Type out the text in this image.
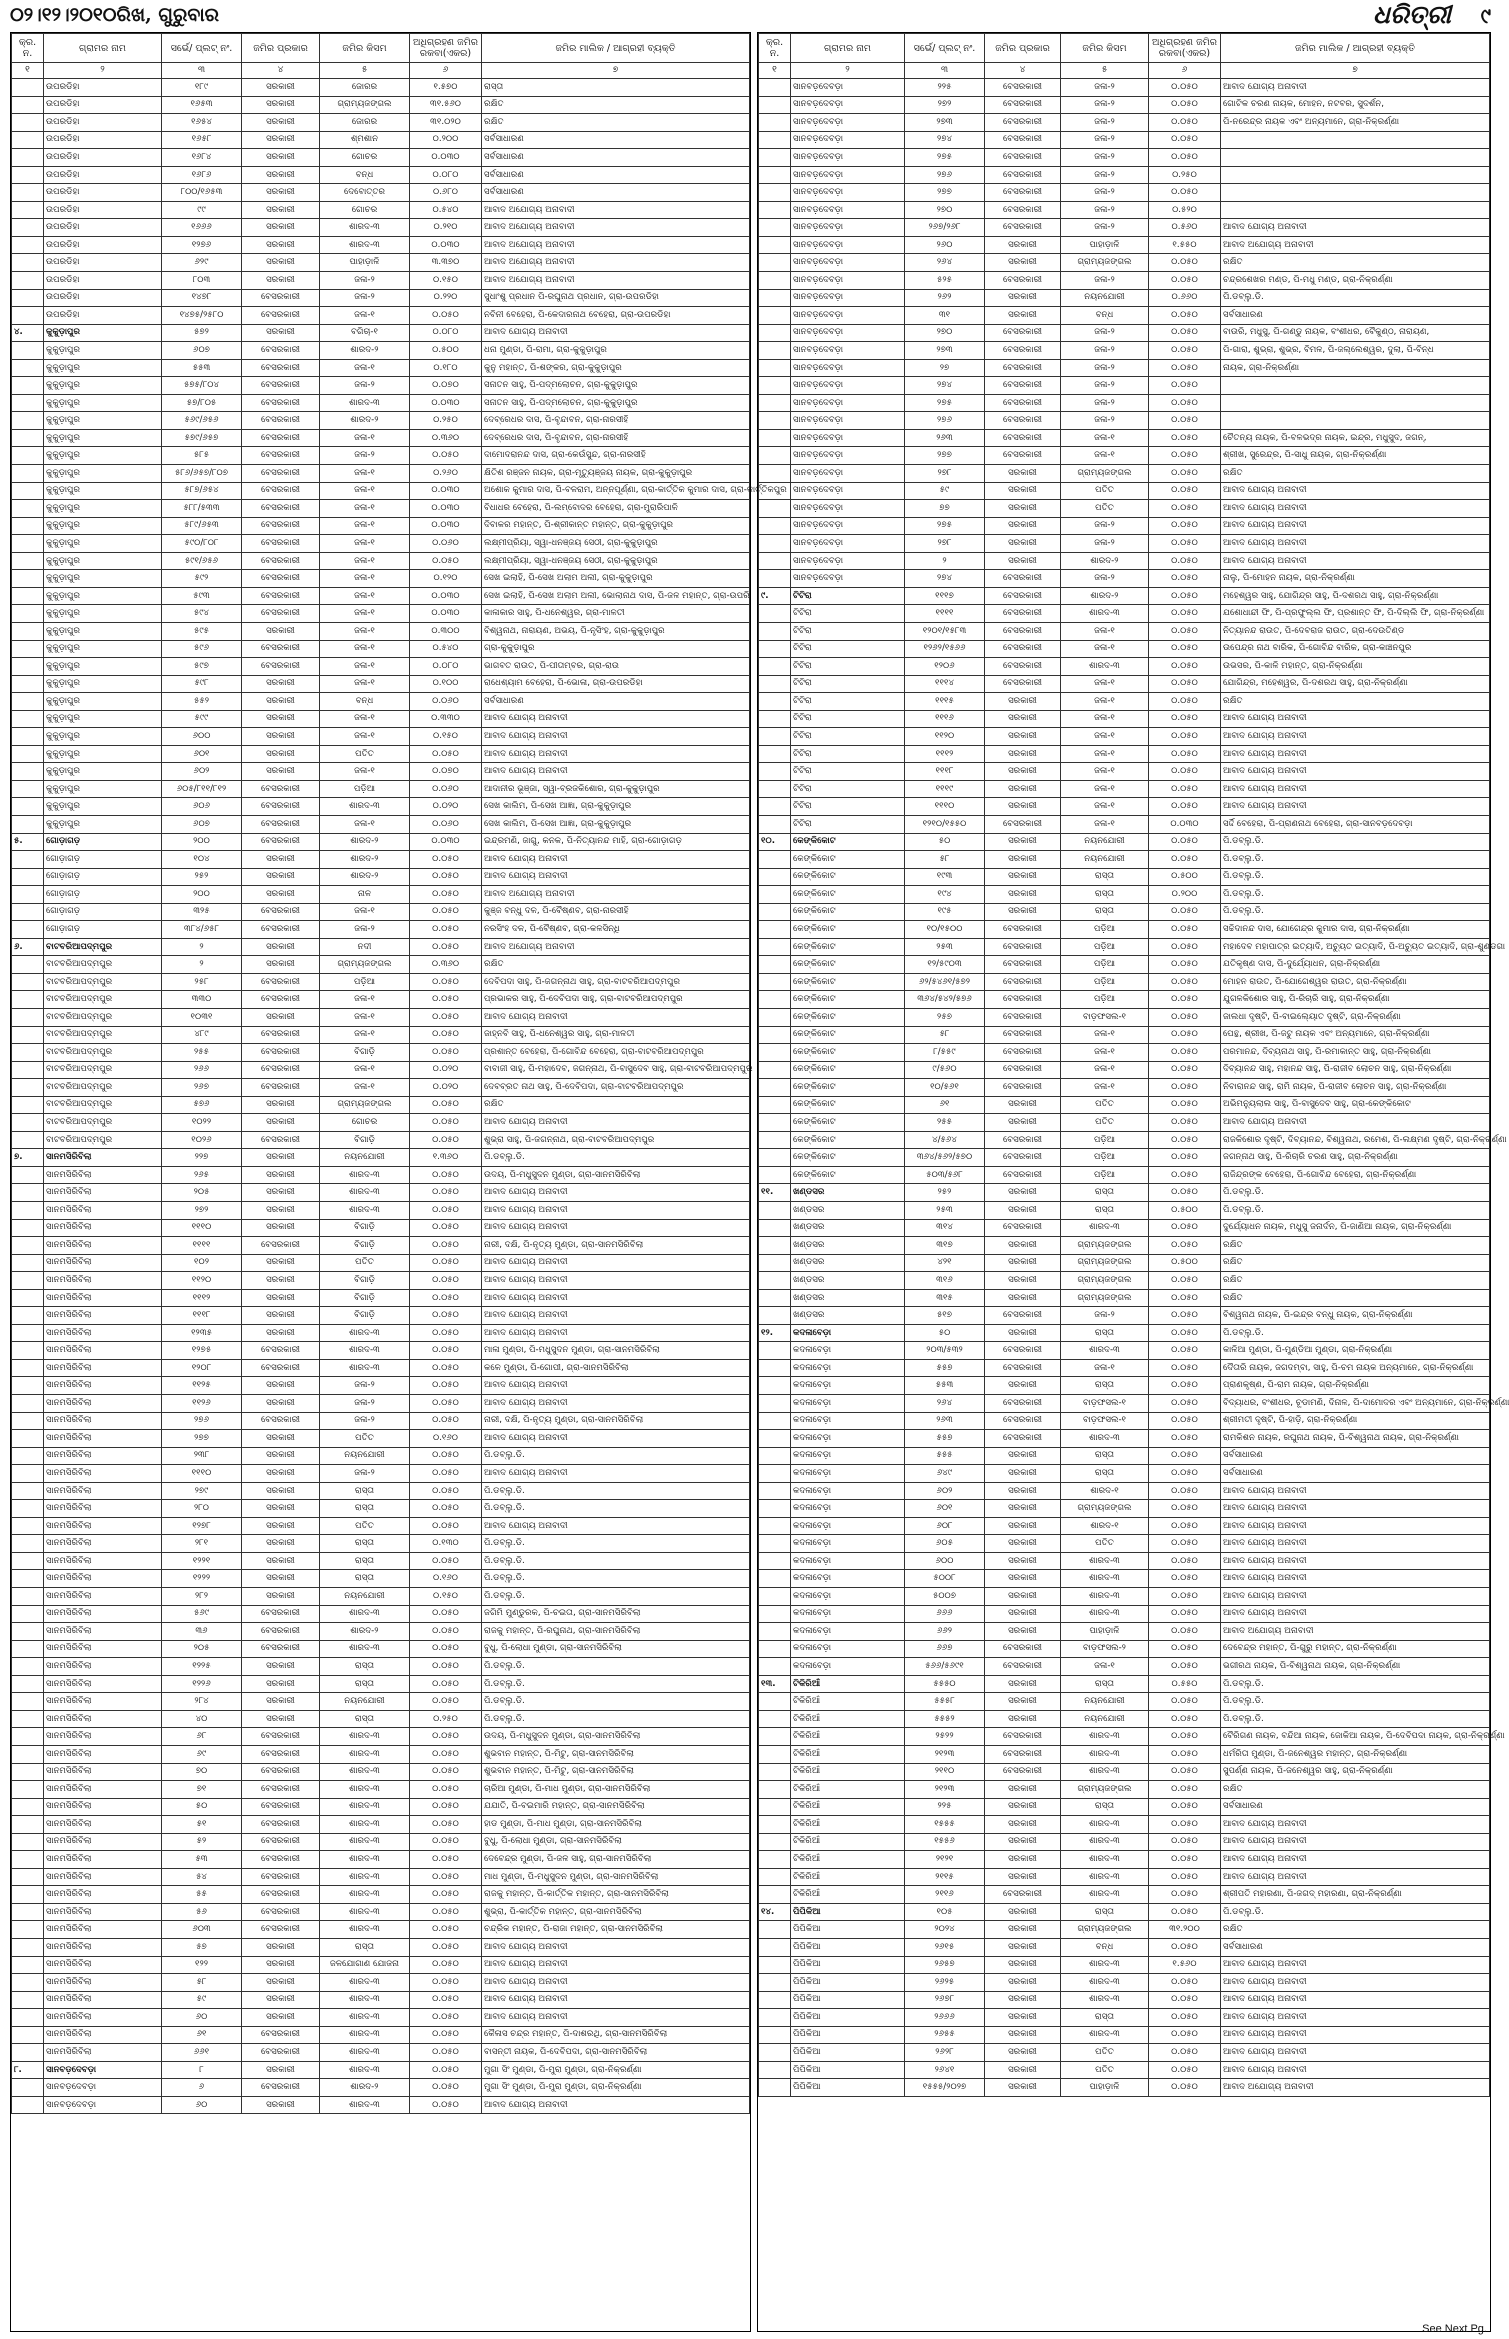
୦୨।୧୨।୨୦୧୦ରିଖ, ଗୁରୁବାର	ଧରିତ୍ରୀ ୯
କ୍ର. ନ.	ଗ୍ରାମର ନାମ	ସର୍ଭେ/ ପ୍ଲଟ୍ ନଂ.	ଜମିର ପ୍ରକାର	ଜମିର କିସମ	ଅଧିଗ୍ରହଣ ଜମିର ରକବା(ଏକର)	ଜମିର ମାଲିକ / ଆଗ୍ରହୀ ବ୍ୟକ୍ତି
୧	୨	୩	୪	୫	୬	୭
	ଉପରଡିହା	୧୮୯	ସରକାରୀ	ଜୋରର	୧.୫୭୦	ରାସ୍ତା
	ଉପରଡିହା	୧୬୫୩	ସରକାରୀ	ଗ୍ରାମ୍ୟଜଙ୍ଗଲ	୩୧.୫୬୦	ରକ୍ଷିତ
	ଉପରଡିହା	୧୬୫୪	ସରକାରୀ	ଜୋରର	୩୧.୦୨୦	ରକ୍ଷିତ
	ଉପରଡିହା	୧୬୫୮	ସରକାରୀ	ଶ୍ମଶାନ	୦.୨୦୦	ସର୍ବସାଧାରଣ
	ଉପରଡିହା	୧୬୮୪	ସରକାରୀ	ଗୋଚର	୦.୦୩୦	ସର୍ବସାଧାରଣ
	ଉପରଡିହା	୧୬୮୬	ସରକାରୀ	ବନ୍ଧ	୦.୦୮୦	ସର୍ବସାଧାରଣ
	ଉପରଡିହା	୮୦୦/୧୬୫୩	ସରକାରୀ	ଦେବୋତ୍ତର	୦.୬୮୦	ସର୍ବସାଧାରଣ
	ଉପରଡିହା	୯୯	ସରକାରୀ	ଗୋଚର	୦.୫୪୦	ଆବାଦ ଅଯୋଗ୍ୟ ଅନାବାଦୀ
	ଉପରଡିହା	୧୬୬୬	ସରକାରୀ	ଶାରଦ-୩	୦.୨୧୦	ଆବାଦ ଅଯୋଗ୍ୟ ଅନାବାଦୀ
	ଉପରଡିହା	୧୨୭୬	ସରକାରୀ	ଶାରଦ-୩	୦.୦୩୦	ଆବାଦ ଅଯୋଗ୍ୟ ଅନାବାଦୀ
	ଉପରଡିହା	୬୨୯	ସରକାରୀ	ପାହାଡ଼ାଳି	୩.୩୭୦	ଆବାଦ ଅଯୋଗ୍ୟ ଅନାବାଦୀ
	ଉପରଡିହା	୮୦୩	ସରକାରୀ	ଜଳା-୨	୦.୧୫୦	ଆବାଦ ଅଯୋଗ୍ୟ ଅନାବାଦୀ
	ଉପରଡିହା	୧୪୭୮	ବେସରକାରୀ	ଜଳା-୨	୦.୨୨୦	ସୁଧାଂଶୁ ପ୍ରଧାନ ପି-ରଘୁନାଥ ପ୍ରଧାନ, ଗ୍ରା-ଉପରଡିହା
	ଉପରଡିହା	୧୪୭୫/୨୫୮୦	ବେସରକାରୀ	ଜଳା-୧	୦.୦୫୦	ନବିନୀ ବେହେରା, ପି-କେଦାରନାଥ ବେହେରା, ଗ୍ରା-ଉପରଡିହା
୪.	କୁକୁଡ଼ାପୁର	୫୭୨	ସରକାରୀ	ବଗିଚା-୧	୦.୦୮୦	ଆବାଦ ଯୋଗ୍ୟ ଅନାବାଦୀ
	କୁକୁଡ଼ାପୁର	୬୦୭	ବେସରକାରୀ	ଶାରଦ-୨	୦.୫୦୦	ଧନା ମୁଣ୍ଡା, ପି-ରାମା, ଗ୍ରା-କୁକୁଡ଼ାପୁର
	କୁକୁଡ଼ାପୁର	୫୫୩	ବେସରକାରୀ	ଜଳା-୧	୦.୧୮୦	କୁନୁ ମହାନ୍ତ, ପି-ଶଙ୍କର, ଗ୍ରା-କୁକୁଡ଼ାପୁର
	କୁକୁଡ଼ାପୁର	୫୭୫/୮୦୪	ବେସରକାରୀ	ଜଳା-୨	୦.୦୭୦	ସନାତନ ସାହୁ, ପି-ପଦ୍ମଲୋଚନ, ଗ୍ରା-କୁକୁଡ଼ାପୁର
	କୁକୁଡ଼ାପୁର	୫୭/୮୦୫	ବେସରକାରୀ	ଶାରଦ-୩	୦.୦୩୦	ସନାତନ ସାହୁ, ପି-ପଦ୍ମଲୋଚନ, ଗ୍ରା-କୁକୁଡ଼ାପୁର
	କୁକୁଡ଼ାପୁର	୫୬୯/୬୫୬	ବେସରକାରୀ	ଶାରଦ-୨	୦.୨୫୦	ଦେବ୍ରେଧର ଦାସ, ପି-ବୃନ୍ଦାବନ, ଗ୍ରା-ନାରସୀହି
	କୁକୁଡ଼ାପୁର	୫୭୯/୬୫୭	ବେସରକାରୀ	ଜଳା-୧	୦.୩୬୦	ଦେବ୍ରେଧର ଦାସ, ପି-ବୃନ୍ଦାବନ, ଗ୍ରା-ନାରସୀହି
	କୁକୁଡ଼ାପୁର	୫୮୫	ବେସରକାରୀ	ଜଳା-୨	୦.୦୫୦	ଦାମୋଦରାନନ୍ଦ ଦାସ, ଗ୍ରା-କେଉଁସୁନ୍ଦ, ଗ୍ରା-ନାରସୀହି
	କୁକୁଡ଼ାପୁର	୫୮୬/୬୫୭/୮୦୭	ବେସରକାରୀ	ଜଳା-୧	୦.୨୬୦	କ୍ଷିତିଶ ରଞ୍ଜନ ନାୟକ, ଗ୍ରା-ମୃତ୍ୟୁଞ୍ଜୟ ନାୟକ, ଗ୍ରା-କୁକୁଡ଼ାପୁର
	କୁକୁଡ଼ାପୁର	୫୮୭/୬୫୪	ବେସରକାରୀ	ଜଳା-୧	୦.୦୩୦	ଅଶୋକ କୁମାର ଦାସ, ପି-ବଳରାମ, ଅନ୍ନପୂର୍ଣ୍ଣା, ଗ୍ରା-କାର୍ତ୍ତିକ କୁମାର ଦାସ, ଗ୍ରା-କାର୍ତ୍ତିକପୁର
	କୁକୁଡ଼ାପୁର	୫୮୮/୫୩୩	ବେସରକାରୀ	ଜଳା-୧	୦.୦୩୦	ବିଧାଧର ବେହେରା, ପି-ଲମ୍ବୋଦର ବେହେରା, ଗ୍ରା-ମୁରାରିପାଳି
	କୁକୁଡ଼ାପୁର	୫୮୯/୬୫୩	ବେସରକାରୀ	ଜଳା-୧	୦.୦୩୦	ଦିବାକର ମହାନ୍ତ, ପି-ଶ୍ରୀକାନ୍ତ ମହାନ୍ତ, ଗ୍ରା-କୁକୁଡ଼ାପୁର
	କୁକୁଡ଼ାପୁର	୫୯୦/୮୦୮	ବେସରକାରୀ	ଜଳା-୧	୦.୦୬୦	ଲକ୍ଷ୍ମୀପ୍ରିୟା, ସ୍ୱା-ଧନଞ୍ଜୟ ସେଠୀ, ଗ୍ରା-କୁକୁଡ଼ାପୁର
	କୁକୁଡ଼ାପୁର	୫୯୧/୬୫୬	ବେସରକାରୀ	ଜଳା-୧	୦.୦୫୦	ଲକ୍ଷ୍ମୀପ୍ରିୟା, ସ୍ୱା-ଧନଞ୍ଜୟ ସେଠୀ, ଗ୍ରା-କୁକୁଡ଼ାପୁର
	କୁକୁଡ଼ାପୁର	୫୯୨	ବେସରକାରୀ	ଜଳା-୧	୦.୧୨୦	ସେଖ ଇଲାହି, ପି-ସେଖ ଅଲାମ ଅଲୀ, ଗ୍ରା-କୁକୁଡ଼ାପୁର
	କୁକୁଡ଼ାପୁର	୫୯୩	ବେସରକାରୀ	ଜଳା-୧	୦.୦୩୦	ସେଖ ଇଲାହି, ପି-ସେଖ ଅଲାମ ଅଲୀ, ଭୋଲାନାଥ ଦାସ, ପି-ଜଳ ମହାନ୍ତ, ଗ୍ରା-ଉପରି
	କୁକୁଡ଼ାପୁର	୫୯୪	ବେସରକାରୀ	ଜଳା-୧	୦.୦୩୦	କାଳାକାର ସାହୁ, ପି-ଧନେଶ୍ୱର, ଗ୍ରା-ମାଳତୀ
	କୁକୁଡ଼ାପୁର	୫୯୫	ସରକାରୀ	ଜଳା-୧	୦.୩୦୦	ବିଶ୍ୱନାଥ, ନାରାୟଣ, ଅଭୟ, ପି-ନୃସିଂହ, ଗ୍ରା-କୁକୁଡ଼ାପୁର
	କୁକୁଡ଼ାପୁର	୫୯୬	ବେସରକାରୀ	ଜଳା-୧	୦.୫୪୦	ଗ୍ରା-କୁକୁଡ଼ାପୁର
	କୁକୁଡ଼ାପୁର	୫୯୭	ବେସରକାରୀ	ଜଳା-୧	୦.୦୮୦	ଭାଗବତ ରାଉତ, ପି-ପୀତାମ୍ବର, ଗ୍ରା-ରାଉ
	କୁକୁଡ଼ାପୁର	୫୯୮	ସରକାରୀ	ଜଳା-୧	୦.୧୦୦	ରାଧେଶ୍ୟାମ ବେହେରା, ପି-ଭୋଳା, ଗ୍ରା-ଉପରଡିହା
	କୁକୁଡ଼ାପୁର	୫୫୨	ସରକାରୀ	ବନ୍ଧ	୦.୦୬୦	ସର୍ବସାଧାରଣ
	କୁକୁଡ଼ାପୁର	୫୯୯	ସରକାରୀ	ଜଳା-୧	୦.୩୩୦	ଆବାଦ ଯୋଗ୍ୟ ଅନାବାଦୀ
	କୁକୁଡ଼ାପୁର	୬୦୦	ସରକାରୀ	ଜଳା-୧	୦.୧୫୦	ଆବାଦ ଯୋଗ୍ୟ ଅନାବାଦୀ
	କୁକୁଡ଼ାପୁର	୬୦୧	ସରକାରୀ	ପତିତ	୦.୦୫୦	ଆବାଦ ଯୋଗ୍ୟ ଅନାବାଦୀ
	କୁକୁଡ଼ାପୁର	୬୦୨	ସରକାରୀ	ଜଳା-୧	୦.୦୭୦	ଆବାଦ ଯୋଗ୍ୟ ଅନାବାଦୀ
	କୁକୁଡ଼ାପୁର	୬୦୫/୮୧୧/୮୧୨	ବେସରକାରୀ	ପଡ଼ିଆ	୦.୦୬୦	ଆଦାନୀର ଭୂଞ୍ଜା, ସ୍ୱା-ବ୍ରଜକିଶୋର, ଗ୍ରା-କୁକୁଡ଼ାପୁର
	କୁକୁଡ଼ାପୁର	୬୦୬	ବେସରକାରୀ	ଶାରଦ-୩	୦.୦୨୦	ସେଖ କାଲିମ, ପି-ସେଖ ଆଜ୍ଞା, ଗ୍ରା-କୁକୁଡ଼ାପୁର
	କୁକୁଡ଼ାପୁର	୬୦୭	ବେସରକାରୀ	ଜଳା-୧	୦.୦୬୦	ସେଖ କାଲିମ, ପି-ସେଖ ଆଜ୍ଞା, ଗ୍ରା-କୁକୁଡ଼ାପୁର
୫.	ଗୋଡ଼ାଗଡ଼	୨୦୦	ବେସରକାରୀ	ଶାରଦ-୨	୦.୦୩୦	ଇନ୍ଦ୍ରମଣି, ଜାଗୁ, କନକ, ପି-ନିତ୍ୟାନନ୍ଦ ମାହି, ଗ୍ରା-ଗୋଡ଼ାଗଡ଼
	ଗୋଡ଼ାଗଡ଼	୧୦୪	ସରକାରୀ	ଶାରଦ-୨	୦.୦୫୦	ଆବାଦ ଯୋଗ୍ୟ ଅନାବାଦୀ
	ଗୋଡ଼ାଗଡ଼	୨୫୨	ସରକାରୀ	ଶାରଦ-୨	୦.୦୫୦	ଆବାଦ ଯୋଗ୍ୟ ଅନାବାଦୀ
	ଗୋଡ଼ାଗଡ଼	୨୦୦	ସରକାରୀ	ନାଳ	୦.୦୫୦	ଆବାଦ ଅଯୋଗ୍ୟ ଅନାବାଦୀ
	ଗୋଡ଼ାଗଡ଼	୩୨୫	ବେସରକାରୀ	ଜଳା-୧	୦.୦୫୦	କୁଞ୍ଜ ବନ୍ଧୁ ଦଳ, ପି-ବୈଷ୍ଣବ, ଗ୍ରା-ନାରସୀହି
	ଗୋଡ଼ାଗଡ଼	୩୮୪/୬୫୮	ବେସରକାରୀ	ଜଳା-୨	୦.୦୫୦	ନରସିଂହ ଦଳ, ପି-ବୈଷ୍ଣବ, ଗ୍ରା-କଳସିନ୍ଧି
୬.	ବାଟବରିଆପଦ୍ମପୁର	୨	ସରକାରୀ	ନଦୀ	୦.୦୫୦	ଆବାଦ ଅଯୋଗ୍ୟ ଅନାବାଦୀ
	ବାଟବରିଆପଦ୍ମପୁର	୨	ସରକାରୀ	ଗ୍ରାମ୍ୟଜଙ୍ଗଲ	୦.୩୬୦	ରକ୍ଷିତ
	ବାଟବରିଆପଦ୍ମପୁର	୨୫୮	ବେସରକାରୀ	ପଡ଼ିଆ	୦.୦୫୦	ଦେବିପଦା ସାହୁ, ପି-ଜଗନ୍ନାଥ ସାହୁ, ଗ୍ରା-ବାଟବରିଆପଦ୍ମପୁର
	ବାଟବରିଆପଦ୍ମପୁର	୩୩୦	ବେସରକାରୀ	ଜଳା-୧	୦.୦୫୦	ପ୍ରଭାକର ସାହୁ, ପି-ଦେବିପଦା ସାହୁ, ଗ୍ରା-ବାଟବରିଆପଦ୍ମପୁର
	ବାଟବରିଆପଦ୍ମପୁର	୧୦୩୧	ସରକାରୀ	ଜଳା-୧	୦.୦୫୦	ଆବାଦ ଯୋଗ୍ୟ ଅନାବାଦୀ
	ବାଟବରିଆପଦ୍ମପୁର	୪୮୯	ବେସରକାରୀ	ଜଳା-୧	୦.୦୫୦	ଜାହ୍ନବି ସାହୁ, ପି-ଧନେଶ୍ୱର ସାହୁ, ଗ୍ରା-ମାଳତୀ
	ବାଟବରିଆପଦ୍ମପୁର	୨୫୫	ବେସରକାରୀ	ବିଗାଡ଼ି	୦.୦୫୦	ପ୍ରଶାନ୍ତ ବେହେରା, ପି-ଗୋବିନ୍ଦ ବେହେରା, ଗ୍ରା-ବାଟବରିଆପଦ୍ମପୁର
	ବାଟବରିଆପଦ୍ମପୁର	୨୬୬	ବେସରକାରୀ	ଜଳା-୧	୦.୦୨୦	ବାବାଜୀ ସାହୁ, ପି-ମହାଦେବ, ଜଗନ୍ନାଥ, ପି-ବାସୁଦେବ ସାହୁ, ଗ୍ରା-ବାଟବରିଆପଦ୍ମପୁର
	ବାଟବରିଆପଦ୍ମପୁର	୨୬୭	ବେସରକାରୀ	ଜଳା-୧	୦.୦୨୦	ଦେବବ୍ରତ ନାଥ ସାହୁ, ପି-ଦେବିପଦା, ଗ୍ରା-ବାଟବରିଆପଦ୍ମପୁର
	ବାଟବରିଆପଦ୍ମପୁର	୫୭୬	ସରକାରୀ	ଗ୍ରାମ୍ୟଜଙ୍ଗଲ	୦.୦୫୦	ରକ୍ଷିତ
	ବାଟବରିଆପଦ୍ମପୁର	୧୦୨୨	ସରକାରୀ	ଗୋଚର	୦.୦୫୦	ଆବାଦ ଯୋଗ୍ୟ ଅନାବାଦୀ
	ବାଟବରିଆପଦ୍ମପୁର	୧୦୨୬	ବେସରକାରୀ	ବିଗାଡ଼ି	୦.୦୫୦	ଶୁଭ୍ରା ସାହୁ, ପି-ଜଗନ୍ନାଥ, ଗ୍ରା-ବାଟବରିଆପଦ୍ମପୁର
୭.	ସାନମସିରିବିଲା	୨୨୭	ସରକାରୀ	ନୟନଯୋରୀ	୧.୩୬୦	ପି.ଡବ୍ଲୁ.ଡି.
	ସାନମସିରିବିଲା	୨୬୫	ସରକାରୀ	ଶାରଦ-୩	୦.୦୫୦	ଉଦୟ, ପି-ମଧୁସୁଦନ ମୁଣ୍ଡା, ଗ୍ରା-ସାନମସିରିବିଲା
	ସାନମସିରିବିଲା	୨୦୫	ସରକାରୀ	ଶାରଦ-୩	୦.୦୫୦	ଆବାଦ ଯୋଗ୍ୟ ଅନାବାଦୀ
	ସାନମସିରିବିଲା	୨୭୨	ସରକାରୀ	ଶାରଦ-୩	୦.୦୫୦	ଆବାଦ ଯୋଗ୍ୟ ଅନାବାଦୀ
	ସାନମସିରିବିଲା	୧୧୧୦	ସରକାରୀ	ବିଗାଡ଼ି	୦.୦୫୦	ଆବାଦ ଯୋଗ୍ୟ ଅନାବାଦୀ
	ସାନମସିରିବିଲା	୧୧୧୧	ବେସରକାରୀ	ବିଗାଡ଼ି	୦.୦୫୦	ନାରୀ, ଦକ୍ଷି, ପି-ନୃତ୍ୟ ମୁଣ୍ଡା, ଗ୍ରା-ସାନମସିରିବିଲା
	ସାନମସିରିବିଲା	୧୦୨	ସରକାରୀ	ପତିତ	୦.୦୫୦	ଆବାଦ ଯୋଗ୍ୟ ଅନାବାଦୀ
	ସାନମସିରିବିଲା	୧୧୨୦	ସରକାରୀ	ବିଗାଡ଼ି	୦.୦୫୦	ଆବାଦ ଯୋଗ୍ୟ ଅନାବାଦୀ
	ସାନମସିରିବିଲା	୧୧୧୨	ସରକାରୀ	ବିଗାଡ଼ି	୦.୦୫୦	ଆବାଦ ଯୋଗ୍ୟ ଅନାବାଦୀ
	ସାନମସିରିବିଲା	୧୧୧୮	ସରକାରୀ	ବିଗାଡ଼ି	୦.୦୫୦	ଆବାଦ ଯୋଗ୍ୟ ଅନାବାଦୀ
	ସାନମସିରିବିଲା	୧୨୩୫	ସରକାରୀ	ଶାରଦ-୩	୦.୦୫୦	ଆବାଦ ଯୋଗ୍ୟ ଅନାବାଦୀ
	ସାନମସିରିବିଲା	୧୨୭୫	ବେସରକାରୀ	ଶାରଦ-୩	୦.୦୫୦	ମାଳା ମୁଣ୍ଡା, ପି-ମଧୁସୁଦନ ମୁଣ୍ଡା, ଗ୍ରା-ସାନମସିରିବିଲା
	ସାନମସିରିବିଲା	୧୨୦୮	ବେସରକାରୀ	ଶାରଦ-୩	୦.୦୫୦	କଳେ ମୁଣ୍ଡା, ପି-ଗୋପୀ, ଗ୍ରା-ସାନମସିରିବିଲା
	ସାନମସିରିବିଲା	୧୧୨୫	ସରକାରୀ	ଜଳା-୨	୦.୦୫୦	ଆବାଦ ଯୋଗ୍ୟ ଅନାବାଦୀ
	ସାନମସିରିବିଲା	୧୧୨୬	ସରକାରୀ	ଜଳା-୨	୦.୦୫୦	ଆବାଦ ଯୋଗ୍ୟ ଅନାବାଦୀ
	ସାନମସିରିବିଲା	୨୭୬	ବେସରକାରୀ	ଜଳା-୨	୦.୦୫୦	ନାରୀ, ଦକ୍ଷି, ପି-ନୃତ୍ୟ ମୁଣ୍ଡା, ଗ୍ରା-ସାନମସିରିବିଲା
	ସାନମସିରିବିଲା	୨୭୭	ସରକାରୀ	ପତିତ	୦.୧୬୦	ଆବାଦ ଯୋଗ୍ୟ ଅନାବାଦୀ
	ସାନମସିରିବିଲା	୨୩୮	ସରକାରୀ	ନୟନଯୋରୀ	୦.୦୫୦	ପି.ଡବ୍ଲୁ.ଡି.
	ସାନମସିରିବିଲା	୧୧୧୦	ସରକାରୀ	ଜଳା-୨	୦.୦୫୦	ଆବାଦ ଯୋଗ୍ୟ ଅନାବାଦୀ
	ସାନମସିରିବିଲା	୨୭୯	ସରକାରୀ	ରାସ୍ତା	୦.୦୫୦	ପି.ଡବ୍ଲୁ.ଡି.
	ସାନମସିରିବିଲା	୨୮୦	ସରକାରୀ	ରାସ୍ତା	୦.୦୫୦	ପି.ଡବ୍ଲୁ.ଡି.
	ସାନମସିରିବିଲା	୧୨୭୮	ସରକାରୀ	ପତିତ	୦.୦୫୦	ଆବାଦ ଯୋଗ୍ୟ ଅନାବାଦୀ
	ସାନମସିରିବିଲା	୨୮୧	ସରକାରୀ	ରାସ୍ତା	୦.୧୩୦	ପି.ଡବ୍ଲୁ.ଡି.
	ସାନମସିରିବିଲା	୧୨୨୧	ସରକାରୀ	ରାସ୍ତା	୦.୦୫୦	ପି.ଡବ୍ଲୁ.ଡି.
	ସାନମସିରିବିଲା	୧୨୨୨	ସରକାରୀ	ରାସ୍ତା	୦.୧୬୦	ପି.ଡବ୍ଲୁ.ଡି.
	ସାନମସିରିବିଲା	୨୮୨	ସରକାରୀ	ନୟନଯୋରୀ	୦.୧୫୦	ପି.ଡବ୍ଲୁ.ଡି.
	ସାନମସିରିବିଲା	୫୬୯	ବେସରକାରୀ	ଶାରଦ-୩	୦.୦୫୦	ଜଗିମି ମୁଣ୍ଡୁରକ, ପି-ଚଇତା, ଗ୍ରା-ସାନମସିରିବିଲା
	ସାନମସିରିବିଲା	୩୬	ବେସରକାରୀ	ଶାରଦ-୨	୦.୦୫୦	ରାଜକୁ ମହାନ୍ତ, ପି-ରଘୁନାଥ, ଗ୍ରା-ସାନମସିରିବିଲା
	ସାନମସିରିବିଲା	୨୦୫	ବେସରକାରୀ	ଶାରଦ-୩	୦.୦୫୦	ବୁଧୁ, ପି-ଲୋଧା ମୁଣ୍ଡା, ଗ୍ରା-ସାନମସିରିବିଲା
	ସାନମସିରିବିଲା	୧୨୨୫	ସରକାରୀ	ରାସ୍ତା	୦.୦୫୦	ପି.ଡବ୍ଲୁ.ଡି.
	ସାନମସିରିବିଲା	୧୨୨୬	ସରକାରୀ	ରାସ୍ତା	୦.୦୫୦	ପି.ଡବ୍ଲୁ.ଡି.
	ସାନମସିରିବିଲା	୨୮୪	ସରକାରୀ	ନୟନଯୋରୀ	୦.୦୫୦	ପି.ଡବ୍ଲୁ.ଡି.
	ସାନମସିରିବିଲା	୪୦	ସରକାରୀ	ରାସ୍ତା	୦.୨୫୦	ପି.ଡବ୍ଲୁ.ଡି.
	ସାନମସିରିବିଲା	୬୮	ବେସରକାରୀ	ଶାରଦ-୩	୦.୦୫୦	ଉଦୟ, ପି-ମଧୁସୁଦନ ମୁଣ୍ଡା, ଗ୍ରା-ସାନମସିରିବିଲା
	ସାନମସିରିବିଲା	୬୯	ବେସରକାରୀ	ଶାରଦ-୩	୦.୦୫୦	ଶୁଭବାନ ମହାନ୍ତ, ପି-ମିଟୁ, ଗ୍ରା-ସାନମସିରିବିଲା
	ସାନମସିରିବିଲା	୭୦	ବେସରକାରୀ	ଶାରଦ-୩	୦.୦୫୦	ଶୁଭବାନ ମହାନ୍ତ, ପି-ମିଟୁ, ଗ୍ରା-ସାନମସିରିବିଲା
	ସାନମସିରିବିଲା	୭୧	ବେସରକାରୀ	ଶାରଦ-୩	୦.୦୫୦	ଚାରିଆ ମୁଣ୍ଡା, ପି-ମାଧ ମୁଣ୍ଡା, ଗ୍ରା-ସାନମସିରିବିଲା
	ସାନମସିରିବିଲା	୫୦	ବେସରକାରୀ	ଶାରଦ-୩	୦.୦୫୦	ଯଯାତି, ପି-ବଇମାରି ମହାନ୍ତ, ଗ୍ରା-ସାନମସିରିବିଲା
	ସାନମସିରିବିଲା	୫୧	ବେସରକାରୀ	ଶାରଦ-୩	୦.୦୫୦	ହାଡ ମୁଣ୍ଡା, ପି-ମାଧ ମୁଣ୍ଡା, ଗ୍ରା-ସାନମସିରିବିଲା
	ସାନମସିରିବିଲା	୫୨	ବେସରକାରୀ	ଶାରଦ-୩	୦.୦୫୦	ବୁଧୁ, ପି-ଲୋଧା ମୁଣ୍ଡା, ଗ୍ରା-ସାନମସିରିବିଲା
	ସାନମସିରିବିଲା	୫୩	ବେସରକାରୀ	ଶାରଦ-୩	୦.୦୫୦	ଦେବେନ୍ଦ୍ର ମୁଣ୍ଡା, ପି-ଜଳ ସାହୁ, ଗ୍ରା-ସାନମସିରିବିଲା
	ସାନମସିରିବିଲା	୫୪	ବେସରକାରୀ	ଶାରଦ-୩	୦.୦୫୦	ମାଧ ମୁଣ୍ଡା, ପି-ମଧୁସୁଦନ ମୁଣ୍ଡା, ଗ୍ରା-ସାନମସିରିବିଲା
	ସାନମସିରିବିଲା	୫୫	ବେସରକାରୀ	ଶାରଦ-୩	୦.୦୫୦	ରାଜକୁ ମହାନ୍ତ, ପି-କାର୍ତ୍ତିକ ମହାନ୍ତ, ଗ୍ରା-ସାନମସିରିବିଲା
	ସାନମସିରିବିଲା	୫୬	ବେସରକାରୀ	ଶାରଦ-୩	୦.୦୫୦	ଶୁଭ୍ରା, ପି-କାର୍ତ୍ତିକ ମହାନ୍ତ, ଗ୍ରା-ସାନମସିରିବିଲା
	ସାନମସିରିବିଲା	୬୦୩	ବେସରକାରୀ	ଶାରଦ-୩	୦.୦୫୦	ଚନ୍ଦ୍ରିକ ମହାନ୍ତ, ପି-ରାଜା ମହାନ୍ତ, ଗ୍ରା-ସାନମସିରିବିଲା
	ସାନମସିରିବିଲା	୫୭	ସରକାରୀ	ରାସ୍ତା	୦.୦୫୦	ଆବାଦ ଯୋଗ୍ୟ ଅନାବାଦୀ
	ସାନମସିରିବିଲା	୧୨୨	ସରକାରୀ	ଜଳଯୋଗାଣ ଯୋଜନା	୦.୦୫୦	ଆବାଦ ଯୋଗ୍ୟ ଅନାବାଦୀ
	ସାନମସିରିବିଲା	୫୮	ସରକାରୀ	ଶାରଦ-୩	୦.୦୫୦	ଆବାଦ ଯୋଗ୍ୟ ଅନାବାଦୀ
	ସାନମସିରିବିଲା	୫୯	ସରକାରୀ	ଶାରଦ-୩	୦.୦୫୦	ଆବାଦ ଯୋଗ୍ୟ ଅନାବାଦୀ
	ସାନମସିରିବିଲା	୬୦	ସରକାରୀ	ଶାରଦ-୩	୦.୦୫୦	ଆବାଦ ଯୋଗ୍ୟ ଅନାବାଦୀ
	ସାନମସିରିବିଲା	୬୧	ବେସରକାରୀ	ଶାରଦ-୩	୦.୦୫୦	କୈଳାସ ଚନ୍ଦ୍ର ମହାନ୍ତ, ପି-ଦାଶରଥି, ଗ୍ରା-ସାନମସିରିବିଲା
	ସାନମସିରିବିଲା	୬୬୧	ବେସରକାରୀ	ଶାରଦ-୩	୦.୦୫୦	ବାସନ୍ତୀ ନାୟକ, ପି-ଦେବିପଦା, ଗ୍ରା-ସାନମସିରିବିଲା
୮.	ସାନବଡ଼ଦେବଡ଼ା	୮	ସରକାରୀ	ଶାରଦ-୩	୦.୦୫୦	ମୁଗା ସିଂ ମୁଣ୍ଡା, ପି-ମୁରା ମୁଣ୍ଡା, ଗ୍ରା-ନିକ୍ରର୍ଣ୍ଣା
	ସାନବଡ଼ଦେବଡ଼ା	୬	ବେସରକାରୀ	ଶାରଦ-୨	୦.୦୫୦	ମୁଗା ସିଂ ମୁଣ୍ଡା, ପି-ମୁରା ମୁଣ୍ଡା, ଗ୍ରା-ନିକ୍ରର୍ଣ୍ଣା
	ସାନବଡ଼ଦେବଡ଼ା	୬୦	ସରକାରୀ	ଶାରଦ-୩	୦.୦୫୦	ଆବାଦ ଯୋଗ୍ୟ ଅନାବାଦୀ
କ୍ର. ନ.	ଗ୍ରାମର ନାମ	ସର୍ଭେ/ ପ୍ଲଟ୍ ନଂ.	ଜମିର ପ୍ରକାର	ଜମିର କିସମ	ଅଧିଗ୍ରହଣ ଜମିର ରକବା(ଏକର)	ଜମିର ମାଲିକ / ଆଗ୍ରହୀ ବ୍ୟକ୍ତି
୧	୨	୩	୪	୫	୬	୭
	ସାନବଡ଼ଦେବଡ଼ା	୨୨୫	ବେସରକାରୀ	ଜଳା-୨	୦.୦୫୦	ଆବାଦ ଯୋଗ୍ୟ ଅନାବାଦୀ
	ସାନବଡ଼ଦେବଡ଼ା	୨୭୨	ବେସରକାରୀ	ଜଳା-୨	୦.୦୫୦	ଗୋଟିକ ଚରଣ ନାୟକ, ମୋହନ, ନଟବର, ସୁଦର୍ଶନ,
	ସାନବଡ଼ଦେବଡ଼ା	୨୭୩	ବେସରକାରୀ	ଜଳା-୨	୦.୦୫୦	ପି-ନରେନ୍ଦ୍ର ନାୟକ ଏବଂ ଅନ୍ୟମାନେ, ଗ୍ରା-ନିକ୍ରର୍ଣ୍ଣା
	ସାନବଡ଼ଦେବଡ଼ା	୨୭୪	ବେସରକାରୀ	ଜଳା-୨	୦.୦୫୦	
	ସାନବଡ଼ଦେବଡ଼ା	୨୭୫	ବେସରକାରୀ	ଜଳା-୨	୦.୦୫୦	
	ସାନବଡ଼ଦେବଡ଼ା	୨୭୬	ବେସରକାରୀ	ଜଳା-୨	୦.୨୫୦	
	ସାନବଡ଼ଦେବଡ଼ା	୨୭୭	ବେସରକାରୀ	ଜଳା-୨	୦.୦୫୦	
	ସାନବଡ଼ଦେବଡ଼ା	୨୭୦	ବେସରକାରୀ	ଜଳା-୨	୦.୫୨୦	
	ସାନବଡ଼ଦେବଡ଼ା	୨୬୭/୨୬୮	ବେସରକାରୀ	ଜଳା-୨	୦.୫୬୦	ଆବାଦ ଯୋଗ୍ୟ ଅନାବାଦୀ
	ସାନବଡ଼ଦେବଡ଼ା	୨୬୦	ସରକାରୀ	ପାହାଡ଼ାଳି	୧.୫୫୦	ଆବାଦ ଅଯୋଗ୍ୟ ଅନାବାଦୀ
	ସାନବଡ଼ଦେବଡ଼ା	୨୬୪	ସରକାରୀ	ଗ୍ରାମ୍ୟଜଙ୍ଗଲ	୦.୦୫୦	ରକ୍ଷିତ
	ସାନବଡ଼ଦେବଡ଼ା	୫୨୫	ବେସରକାରୀ	ଜଳା-୨	୦.୦୫୦	ଚନ୍ଦ୍ରଶେଖର ମଣ୍ଡ, ପି-ମଧୁ ମଣ୍ଡ, ଗ୍ରା-ନିକ୍ରର୍ଣ୍ଣା
	ସାନବଡ଼ଦେବଡ଼ା	୨୬୨	ସରକାରୀ	ନୟନଯୋରୀ	୦.୬୬୦	ପି.ଡବ୍ଲୁ.ଡି.
	ସାନବଡ଼ଦେବଡ଼ା	୩୧	ସରକାରୀ	ବନ୍ଧ	୦.୦୫୦	ସର୍ବସାଧାରଣ
	ସାନବଡ଼ଦେବଡ଼ା	୨୭୦	ବେସରକାରୀ	ଜଳା-୨	୦.୦୫୦	ବାଉରି, ମଧୁସୁ, ପି-ଗଣ୍ଡୁ ନାୟକ, ବଂଶୀଧର, ବୈକୁଣ୍ଠ, ନାରାୟଣ,
	ସାନବଡ଼ଦେବଡ଼ା	୨୭୩	ବେସରକାରୀ	ଜଳା-୨	୦.୦୫୦	ପି-ଗାରା, ଶୁଭ୍ରା, ଶୁଭ୍ର, ବିମଳ, ପି-ଜଲ୍ଲେଶ୍ୱର, ଦୁଲା, ପି-ବିନ୍ଧ
	ସାନବଡ଼ଦେବଡ଼ା	୨୭	ବେସରକାରୀ	ଜଳା-୨	୦.୦୫୦	ନାୟକ, ଗ୍ରା-ନିକ୍ରର୍ଣ୍ଣା
	ସାନବଡ଼ଦେବଡ଼ା	୨୭୪	ବେସରକାରୀ	ଜଳା-୨	୦.୦୫୦	
	ସାନବଡ଼ଦେବଡ଼ା	୨୭୫	ବେସରକାରୀ	ଜଳା-୨	୦.୦୫୦	
	ସାନବଡ଼ଦେବଡ଼ା	୨୭୬	ବେସରକାରୀ	ଜଳା-୨	୦.୦୫୦	
	ସାନବଡ଼ଦେବଡ଼ା	୨୬୩	ବେସରକାରୀ	ଜଳା-୧	୦.୦୫୦	ଚୈତନ୍ୟ ନାୟକ, ପି-ବଳଭଦ୍ର ନାୟକ, ଇନ୍ଦ୍ର, ମଧୁସୁଦ, ଜଗନ୍,
	ସାନବଡ଼ଦେବଡ଼ା	୨୭୭	ବେସରକାରୀ	ଜଳା-୧	୦.୦୫୦	ଶ୍ରୀଖ, ସୁରେନ୍ଦ୍ର, ପି-ସାଧୁ ନାୟକ, ଗ୍ରା-ନିକ୍ରର୍ଣ୍ଣା
	ସାନବଡ଼ଦେବଡ଼ା	୨୭୮	ସରକାରୀ	ଗ୍ରାମ୍ୟଜଙ୍ଗଲ	୦.୦୫୦	ରକ୍ଷିତ
	ସାନବଡ଼ଦେବଡ଼ା	୫୯	ସରକାରୀ	ପତିତ	୦.୦୫୦	ଆବାଦ ଯୋଗ୍ୟ ଅନାବାଦୀ
	ସାନବଡ଼ଦେବଡ଼ା	୭୭	ସରକାରୀ	ପତିତ	୦.୦୫୦	ଆବାଦ ଯୋଗ୍ୟ ଅନାବାଦୀ
	ସାନବଡ଼ଦେବଡ଼ା	୨୭୫	ସରକାରୀ	ଜଳା-୨	୦.୦୫୦	ଆବାଦ ଯୋଗ୍ୟ ଅନାବାଦୀ
	ସାନବଡ଼ଦେବଡ଼ା	୨୭୮	ସରକାରୀ	ଜଳା-୨	୦.୦୫୦	ଆବାଦ ଯୋଗ୍ୟ ଅନାବାଦୀ
	ସାନବଡ଼ଦେବଡ଼ା	୨	ସରକାରୀ	ଶାରଦ-୨	୦.୦୫୦	ଆବାଦ ଯୋଗ୍ୟ ଅନାବାଦୀ
	ସାନବଡ଼ଦେବଡ଼ା	୨୭୪	ବେସରକାରୀ	ଜଳା-୨	୦.୦୫୦	ନାଲୁ, ପି-ମୋହନ ନାୟକ, ଗ୍ରା-ନିକ୍ରର୍ଣ୍ଣା
୯.	ଟିଟିରା	୧୧୧୭	ବେସରକାରୀ	ଶାରଦ-୨	୦.୦୫୦	ମହେଶ୍ୱର ସାହୁ, ଯୋଗିନ୍ଦ୍ର ସାହୁ, ପି-ଦଶରଥ ସାହୁ, ଗ୍ରା-ନିକ୍ରର୍ଣ୍ଣା
	ଟିଟିରା	୧୧୧୧	ବେସରକାରୀ	ଶାରଦ-୩	୦.୦୫୦	ଯଶୋଧାନ୍ଦୀ ଫି, ପି-ପ୍ରଫୁଲ୍ଲ ଫି, ପ୍ରଶାନ୍ତ ଫି, ପି-ଦିଲ୍ଲି ଫି, ଗ୍ରା-ନିକ୍ରର୍ଣ୍ଣା
	ଟିଟିରା	୧୨୦୧/୧୫୮୩	ବେସରକାରୀ	ଜଳା-୧	୦.୦୫୦	ନିତ୍ୟାନନ୍ଦ ରାଉତ, ପି-ଦେବରାଜ ରାଉତ, ଗ୍ରା-ଦେଉତିଣ୍ଡ
	ଟିଟିରା	୧୨୬୨/୧୫୬୬	ବେସରକାରୀ	ଜଳା-୧	୦.୦୫୦	ଉପେନ୍ଦ୍ର ନାଥ ବାରିକ, ପି-ଗୋବିନ୍ଦ ବାରିକ, ଗ୍ରା-କାଞ୍ଚନପୁର
	ଟିଟିରା	୧୨୦୬	ବେସରକାରୀ	ଶାରଦ-୩	୦.୦୫୦	ଉଭସର, ପି-କାଳି ମହାନ୍ତ, ଗ୍ରା-ନିକ୍ରର୍ଣ୍ଣା
	ଟିଟିରା	୧୧୧୪	ବେସରକାରୀ	ଜଳା-୧	୦.୦୫୦	ଯୋଗିନ୍ଦ୍ର, ମହେଶ୍ୱର, ପି-ଦଶରଥ ସାହୁ, ଗ୍ରା-ନିକ୍ରର୍ଣ୍ଣା
	ଟିଟିରା	୧୧୧୫	ସରକାରୀ	ଜଳା-୧	୦.୦୫୦	ରକ୍ଷିତ
	ଟିଟିରା	୧୧୧୬	ସରକାରୀ	ଜଳା-୧	୦.୦୫୦	ଆବାଦ ଯୋଗ୍ୟ ଅନାବାଦୀ
	ଟିଟିରା	୧୧୨୦	ସରକାରୀ	ଜଳା-୧	୦.୦୫୦	ଆବାଦ ଯୋଗ୍ୟ ଅନାବାଦୀ
	ଟିଟିରା	୧୧୧୨	ସରକାରୀ	ଜଳା-୧	୦.୦୫୦	ଆବାଦ ଯୋଗ୍ୟ ଅନାବାଦୀ
	ଟିଟିରା	୧୧୧୮	ସରକାରୀ	ଜଳା-୧	୦.୦୫୦	ଆବାଦ ଯୋଗ୍ୟ ଅନାବାଦୀ
	ଟିଟିରା	୧୧୧୯	ସରକାରୀ	ଜଳା-୧	୦.୦୫୦	ଆବାଦ ଯୋଗ୍ୟ ଅନାବାଦୀ
	ଟିଟିରା	୧୧୧୦	ସରକାରୀ	ଜଳା-୧	୦.୦୫୦	ଆବାଦ ଯୋଗ୍ୟ ଅନାବାଦୀ
	ଟିଟିରା	୧୨୧୦/୧୫୫୦	ବେସରକାରୀ	ଜଳା-୧	୦.୦୩୦	ସର୍ଦ୍ଦି ବେହେରା, ପି-ପ୍ରାଣନାଥ ବେହେରା, ଗ୍ରା-ସାନବଡ଼ଦେବଡ଼ା
୧୦.	କେଙ୍କିକୋଟ	୫୦	ସରକାରୀ	ନୟନଯୋରୀ	୦.୦୫୦	ପି.ଡବ୍ଲୁ.ଡି.
	କେଙ୍କିକୋଟ	୫୮	ସରକାରୀ	ନୟନଯୋରୀ	୦.୦୫୦	ପି.ଡବ୍ଲୁ.ଡି.
	କେଙ୍କିକୋଟ	୧୯୩	ସରକାରୀ	ରାସ୍ତା	୦.୫୦୦	ପି.ଡବ୍ଲୁ.ଡି.
	କେଙ୍କିକୋଟ	୧୯୪	ସରକାରୀ	ରାସ୍ତା	୦.୨୦୦	ପି.ଡବ୍ଲୁ.ଡି.
	କେଙ୍କିକୋଟ	୧୯୫	ସରକାରୀ	ରାସ୍ତା	୦.୦୫୦	ପି.ଡବ୍ଲୁ.ଡି.
	କେଙ୍କିକୋଟ	୧୦/୧୫୦୦	ବେସରକାରୀ	ପଡ଼ିଆ	୦.୦୫୦	ସଚ୍ଚିଦାନନ୍ଦ ଦାସ, ଯୋଗେନ୍ଦ୍ର କୁମାର ଦାସ, ଗ୍ରା-ନିକ୍ରର୍ଣ୍ଣା
	କେଙ୍କିକୋଟ	୨୫୩	ବେସରକାରୀ	ପଡ଼ିଆ	୦.୦୫୦	ମହାଦେବ ମହାପାତ୍ର ଇତ୍ୟାଦି, ଅଚ୍ୟୁତ ଇତ୍ୟାଦି, ପି-ଅଚ୍ୟୁତ ଇତ୍ୟାଦି, ଗ୍ରା-ଶୁଣ୍ଡଗା
	କେଙ୍କିକୋଟ	୧୨/୫୯୦୩	ବେସରକାରୀ	ପଡ଼ିଆ	୦.୦୫୦	ଯତିକୃଷ୍ଣ ଦାସ, ପି-ଦୁର୍ଯ୍ୟୋଧନ, ଗ୍ରା-ନିକ୍ରର୍ଣ୍ଣା
	କେଙ୍କିକୋଟ	୬୨/୫୪୬୧/୫୭୨	ବେସରକାରୀ	ପଡ଼ିଆ	୦.୦୫୦	ମୋହନ ରାଉତ, ପି-ଯୋଗେଶ୍ୱର ରାଉତ, ଗ୍ରା-ନିକ୍ରର୍ଣ୍ଣା
	କେଙ୍କିକୋଟ	୩୬୪/୫୪୨/୫୭୬	ବେସରକାରୀ	ପଡ଼ିଆ	୦.୦୫୦	ଯୁଗଳକିଶୋର ସାହୁ, ପି-ରିଚାରି ସାହୁ, ଗ୍ରା-ନିକ୍ରର୍ଣ୍ଣା
	କେଙ୍କିକୋଟ	୨୫୭	ବେସରକାରୀ	ବାଡ଼ଫସଲ-୧	୦.୦୫୦	ଜାଲଧା ଦୃଷ୍ଟି, ପି-ବାଇଲ୍ୟୋତ ଦୃଷ୍ଟି, ଗ୍ରା-ନିକ୍ରର୍ଣ୍ଣା
	କେଙ୍କିକୋଟ	୫୮	ବେସରକାରୀ	ଜଳା-୧	୦.୦୫୦	ପେନ୍ଥ, ଶ୍ରୀଖ, ପି-ଜଟୁ ନାୟକ ଏବଂ ଅନ୍ୟମାନେ, ଗ୍ରା-ନିକ୍ରର୍ଣ୍ଣା
	କେଙ୍କିକୋଟ	୮/୫୫୯	ବେସରକାରୀ	ଜଳା-୧	୦.୦୫୦	ପରମାନନ୍ଦ, ଦିବ୍ୟନାଥ ସାହୁ, ପି-ରମାକାନ୍ତ ସାହୁ, ଗ୍ରା-ନିକ୍ରର୍ଣ୍ଣା
	କେଙ୍କିକୋଟ	୯/୫୬୦	ବେସରକାରୀ	ଜଳା-୧	୦.୦୫୦	ଦିବ୍ୟାନନ୍ଦ ସାହୁ, ମହାନନ୍ଦ ସାହୁ, ପି-ରାଜୀବ ଲୋଚନ ସାହୁ, ଗ୍ରା-ନିକ୍ରର୍ଣ୍ଣା
	କେଙ୍କିକୋଟ	୧୦/୫୬୧	ବେସରକାରୀ	ଜଳା-୧	୦.୦୫୦	ନିବାରାନନ୍ଦ ସାହୁ, ରାମି ନାୟକ, ପି-ରାଜୀବ ଲୋଚନ ସାହୁ, ଗ୍ରା-ନିକ୍ରର୍ଣ୍ଣା
	କେଙ୍କିକୋଟ	୬୧	ସରକାରୀ	ପତିତ	୦.୦୫୦	ଅଭିମନ୍ୟୁଲାଲ ସାହୁ, ପି-ବାସୁଦେବ ସାହୁ, ଗ୍ରା-କେଙ୍କିକୋଟ
	କେଙ୍କିକୋଟ	୨୫୫	ସରକାରୀ	ପତିତ	୦.୦୫୦	ଆବାଦ ଯୋଗ୍ୟ ଅନାବାଦୀ
	କେଙ୍କିକୋଟ	୪/୫୬୪	ବେସରକାରୀ	ପଡ଼ିଆ	୦.୦୫୦	ରାଜକିଶୋର ଦୃଷ୍ଟି, ଦିବ୍ୟାନନ୍ଦ, ବିଶ୍ୱନାଥ, ରମେଶ, ପି-ଲକ୍ଷ୍ମଣ ଦୃଷ୍ଟି, ଗ୍ରା-ନିକ୍ରର୍ଣ୍ଣା
	କେଙ୍କିକୋଟ	୩୬୪/୫୬୨/୫୭୦	ବେସରକାରୀ	ପଡ଼ିଆ	୦.୦୫୦	ଜଗନ୍ନାଥ ସାହୁ, ପି-ରିଚାରି ଚରଣ ସାହୁ, ଗ୍ରା-ନିକ୍ରର୍ଣ୍ଣା
	କେଙ୍କିକୋଟ	୫୦୩/୫୬୮	ବେସରକାରୀ	ପଡ଼ିଆ	୦.୦୫୦	ରାଜିନ୍ଦ୍ରଙ୍କ ବେହେରା, ପି-ଗୋବିନ୍ଦ ବେହେରା, ଗ୍ରା-ନିକ୍ରର୍ଣ୍ଣା
୧୧.	ଖଣ୍ଡସର	୨୫୨	ସରକାରୀ	ରାସ୍ତା	୦.୦୫୦	ପି.ଡବ୍ଲୁ.ଡି.
	ଖଣ୍ଡସର	୨୫୩	ସରକାରୀ	ରାସ୍ତା	୦.୫୦୦	ପି.ଡବ୍ଲୁ.ଡି.
	ଖଣ୍ଡସର	୩୧୪	ବେସରକାରୀ	ଶାରଦ-୩	୦.୦୫୦	ଦୁର୍ଯ୍ୟୋଧନ ନାୟକ, ମଧୁସୁ ଜନାର୍ଦନ, ପି-ଜାଣିଆ ନାୟକ, ଗ୍ରା-ନିକ୍ରର୍ଣ୍ଣା
	ଖଣ୍ଡସର	୩୧୭	ସରକାରୀ	ଗ୍ରାମ୍ୟଜଙ୍ଗଲ	୦.୦୫୦	ରକ୍ଷିତ
	ଖଣ୍ଡସର	୪୨୧	ସରକାରୀ	ଗ୍ରାମ୍ୟଜଙ୍ଗଲ	୦.୫୦୦	ରକ୍ଷିତ
	ଖଣ୍ଡସର	୩୧୬	ସରକାରୀ	ଗ୍ରାମ୍ୟଜଙ୍ଗଲ	୦.୦୫୦	ରକ୍ଷିତ
	ଖଣ୍ଡସର	୩୧୫	ସରକାରୀ	ଗ୍ରାମ୍ୟଜଙ୍ଗଲ	୦.୦୫୦	ରକ୍ଷିତ
	ଖଣ୍ଡସର	୫୧୭	ବେସରକାରୀ	ଜଳା-୨	୦.୦୫୦	ବିଶ୍ୱନାଥ ନାୟକ, ପି-ଇନ୍ଦ୍ର ବନ୍ଧୁ ନାୟକ, ଗ୍ରା-ନିକ୍ରର୍ଣ୍ଣା
୧୨.	କଦଳାବେଡ଼ା	୫୦	ସରକାରୀ	ରାସ୍ତା	୦.୦୫୦	ପି.ଡବ୍ଲୁ.ଡି.
	କଦଳାବେଡ଼ା	୨୦୩/୫୩୨	ବେସରକାରୀ	ଶାରଦ-୩	୦.୦୫୦	କାଳିଆ ମୁଣ୍ଡା, ପି-ମୁଣ୍ଡିଆ ମୁଣ୍ଡା, ଗ୍ରା-ନିକ୍ରର୍ଣ୍ଣା
	କଦଳାବେଡ଼ା	୫୫୭	ବେସରକାରୀ	ଜଳା-୧	୦.୦୫୦	ଦୈତାରି ନାୟକ, ଜଗଦମ୍ବା, ସାହୁ, ପି-ଚମ ନାୟକ ଅନ୍ୟମାନେ, ଗ୍ରା-ନିକ୍ରର୍ଣ୍ଣା
	କଦଳାବେଡ଼ା	୫୫୩	ସରକାରୀ	ରାସ୍ତା	୦.୦୫୦	ପ୍ରାଣକୃଷ୍ଣ, ପି-ରାମ ନାୟକ, ଗ୍ରା-ନିକ୍ରର୍ଣ୍ଣା
	କଦଳାବେଡ଼ା	୨୬୪	ବେସରକାରୀ	ବାଡ଼ଫସଲ-୧	୦.୦୫୦	ବିଦ୍ୟାଧର, ବଂଶୀଧର, ଚୂଡାମଣି, ଦିନାଳ, ପି-ଦାମୋଦର ଏବଂ ଅନ୍ୟମାନେ, ଗ୍ରା-ନିକ୍ରର୍ଣ୍ଣା
	କଦଳାବେଡ଼ା	୨୬୩	ବେସରକାରୀ	ବାଡ଼ଫସଲ-୧	୦.୦୫୦	ଶ୍ରୀମତୀ ଦୃଷ୍ଟି, ପି-ହାଡ଼ି, ଗ୍ରା-ନିକ୍ରର୍ଣ୍ଣା
	କଦଳାବେଡ଼ା	୫୫୭	ବେସରକାରୀ	ଶାରଦ-୩	୦.୦୫୦	ରାମକିଶନ ନାୟକ, ରଘୁନାଥ ନାୟକ, ପି-ବିଶ୍ୱନାଥ ନାୟକ, ଗ୍ରା-ନିକ୍ରର୍ଣ୍ଣା
	କଦଳାବେଡ଼ା	୫୫୫	ସରକାରୀ	ରାସ୍ତା	୦.୦୫୦	ସର୍ବସାଧାରଣ
	କଦଳାବେଡ଼ା	୬୪୯	ସରକାରୀ	ରାସ୍ତା	୦.୦୫୦	ସର୍ବସାଧାରଣ
	କଦଳାବେଡ଼ା	୬୦୨	ସରକାରୀ	ଶାରଦ-୧	୦.୦୫୦	ଆବାଦ ଯୋଗ୍ୟ ଅନାବାଦୀ
	କଦଳାବେଡ଼ା	୬୦୧	ସରକାରୀ	ଗ୍ରାମ୍ୟଜଙ୍ଗଲ	୦.୦୫୦	ଆବାଦ ଯୋଗ୍ୟ ଅନାବାଦୀ
	କଦଳାବେଡ଼ା	୬୦୮	ସରକାରୀ	ଶାରଦ-୧	୦.୦୫୦	ଆବାଦ ଯୋଗ୍ୟ ଅନାବାଦୀ
	କଦଳାବେଡ଼ା	୬୦୫	ସରକାରୀ	ପତିତ	୦.୦୫୦	ଆବାଦ ଯୋଗ୍ୟ ଅନାବାଦୀ
	କଦଳାବେଡ଼ା	୬୦୦	ସରକାରୀ	ଶାରଦ-୩	୦.୦୫୦	ଆବାଦ ଯୋଗ୍ୟ ଅନାବାଦୀ
	କଦଳାବେଡ଼ା	୫୦୦୮	ସରକାରୀ	ଶାରଦ-୩	୦.୦୫୦	ଆବାଦ ଯୋଗ୍ୟ ଅନାବାଦୀ
	କଦଳାବେଡ଼ା	୫୦୦୭	ସରକାରୀ	ଶାରଦ-୩	୦.୦୫୦	ଆବାଦ ଯୋଗ୍ୟ ଅନାବାଦୀ
	କଦଳାବେଡ଼ା	୬୬୬	ସରକାରୀ	ଶାରଦ-୩	୦.୦୫୦	ଆବାଦ ଯୋଗ୍ୟ ଅନାବାଦୀ
	କଦଳାବେଡ଼ା	୬୬୨	ସରକାରୀ	ପାହାଡ଼ାଳି	୦.୦୫୦	ଆବାଦ ଅଯୋଗ୍ୟ ଅନାବାଦୀ
	କଦଳାବେଡ଼ା	୬୬୭	ବେସରକାରୀ	ବାଡ଼ଫସଲ-୨	୦.୦୫୦	ଦେବେନ୍ଦ୍ର ମହାନ୍ତ, ପି-ଗୁରୁ ମହାନ୍ତ, ଗ୍ରା-ନିକ୍ରର୍ଣ୍ଣା
	କଦଳାବେଡ଼ା	୫୬୬/୫୬୯୧	ବେସରକାରୀ	ଜଳା-୧	୦.୦୫୦	ଭଗୀରଥ ନାୟକ, ପି-ବିଶ୍ୱନାଥ ନାୟକ, ଗ୍ରା-ନିକ୍ରର୍ଣ୍ଣା
୧୩.	ଟିକିରିଆଁ	୫୫୫୦	ସରକାରୀ	ରାସ୍ତା	୦.୫୫୦	ପି.ଡବ୍ଲୁ.ଡି.
	ଟିକିରିଆଁ	୫୫୫୮	ସରକାରୀ	ନୟନଯୋରୀ	୦.୦୫୦	ପି.ଡବ୍ଲୁ.ଡି.
	ଟିକିରିଆଁ	୫୫୫୨	ସରକାରୀ	ନୟନଯୋରୀ	୦.୦୫୦	ପି.ଡବ୍ଲୁ.ଡି.
	ଟିକିରିଆଁ	୨୫୨୨	ବେସରକାରୀ	ଶାରଦ-୩	୦.୦୫୦	ବୈରିଗଣ ନାୟକ, ବନ୍ଦିଆ ନାୟକ, ଜୋକିଆ ନାୟକ, ପି-ଦେବିପଦା ନାୟକ, ଗ୍ରା-ନିକ୍ରର୍ଣ୍ଣା
	ଟିକିରିଆଁ	୨୧୨୩	ବେସରକାରୀ	ଶାରଦ-୩	୦.୦୫୦	ଧର୍ମରିତା ମୁଣ୍ଡା, ପି-ଜନେଶ୍ୱର ମହାନ୍ତ, ଗ୍ରା-ନିକ୍ରର୍ଣ୍ଣା
	ଟିକିରିଆଁ	୨୧୧୦	ବେସରକାରୀ	ଶାରଦ-୩	୦.୦୫୦	ସୁପର୍ଣ୍ଣ ନାୟକ, ପି-ଜନେଶ୍ୱର ସାହୁ, ଗ୍ରା-ନିକ୍ରର୍ଣ୍ଣା
	ଟିକିରିଆଁ	୨୧୨୩	ସରକାରୀ	ଗ୍ରାମ୍ୟଜଙ୍ଗଲ	୦.୦୫୦	ରକ୍ଷିତ
	ଟିକିରିଆଁ	୨୨୫	ସରକାରୀ	ରାସ୍ତା	୦.୦୫୦	ସର୍ବସାଧାରଣ
	ଟିକିରିଆଁ	୧୫୫୫	ସରକାରୀ	ଶାରଦ-୩	୦.୦୫୦	ଆବାଦ ଯୋଗ୍ୟ ଅନାବାଦୀ
	ଟିକିରିଆଁ	୧୫୫୬	ସରକାରୀ	ଶାରଦ-୩	୦.୦୫୦	ଆବାଦ ଯୋଗ୍ୟ ଅନାବାଦୀ
	ଟିକିରିଆଁ	୨୧୨୧	ସରକାରୀ	ଶାରଦ-୩	୦.୦୫୦	ଆବାଦ ଯୋଗ୍ୟ ଅନାବାଦୀ
	ଟିକିରିଆଁ	୨୧୧୫	ସରକାରୀ	ଶାରଦ-୩	୦.୦୫୦	ଆବାଦ ଯୋଗ୍ୟ ଅନାବାଦୀ
	ଟିକିରିଆଁ	୨୧୧୬	ବେସରକାରୀ	ଶାରଦ-୩	୦.୦୫୦	ଶ୍ରୀପତି ମହାରଣା, ପି-ଜଗଦ୍ ମହାରଣା, ଗ୍ରା-ନିକ୍ରର୍ଣ୍ଣା
୧୪.	ପିପିକିଆ	୧୦୫	ସରକାରୀ	ରାସ୍ତା	୦.୦୫୦	ପି.ଡବ୍ଲୁ.ଡି.
	ପିପିକିଆ	୨୦୨୪	ସରକାରୀ	ଗ୍ରାମ୍ୟଜଙ୍ଗଲ	୩୧.୨୦୦	ରକ୍ଷିତ
	ପିପିକିଆ	୨୬୧୫	ସରକାରୀ	ବନ୍ଧ	୦.୦୫୦	ସର୍ବସାଧାରଣ
	ପିପିକିଆ	୨୬୫୭	ସରକାରୀ	ଶାରଦ-୩	୧.୫୬୦	ଆବାଦ ଯୋଗ୍ୟ ଅନାବାଦୀ
	ପିପିକିଆ	୨୬୨୫	ସରକାରୀ	ଶାରଦ-୩	୦.୦୫୦	ଆବାଦ ଯୋଗ୍ୟ ଅନାବାଦୀ
	ପିପିକିଆ	୨୬୭୮	ସରକାରୀ	ଶାରଦ-୩	୦.୦୫୦	ଆବାଦ ଯୋଗ୍ୟ ଅନାବାଦୀ
	ପିପିକିଆ	୨୬୬୬	ସରକାରୀ	ରାସ୍ତା	୦.୦୫୦	ଆବାଦ ଯୋଗ୍ୟ ଅନାବାଦୀ
	ପିପିକିଆ	୨୬୫୫	ସରକାରୀ	ଶାରଦ-୩	୦.୦୫୦	ଆବାଦ ଯୋଗ୍ୟ ଅନାବାଦୀ
	ପିପିକିଆ	୨୬୨୮	ସରକାରୀ	ପତିତ	୦.୦୫୦	ଆବାଦ ଯୋଗ୍ୟ ଅନାବାଦୀ
	ପିପିକିଆ	୨୬୪୧	ସରକାରୀ	ପତିତ	୦.୦୫୦	ଆବାଦ ଯୋଗ୍ୟ ଅନାବାଦୀ
	ପିପିକିଆ	୧୫୫୫/୨୦୨୭	ସରକାରୀ	ପାହାଡ଼ାଳି	୦.୦୫୦	ଆବାଦ ଅଯୋଗ୍ୟ ଅନାବାଦୀ
See Next Pg.
